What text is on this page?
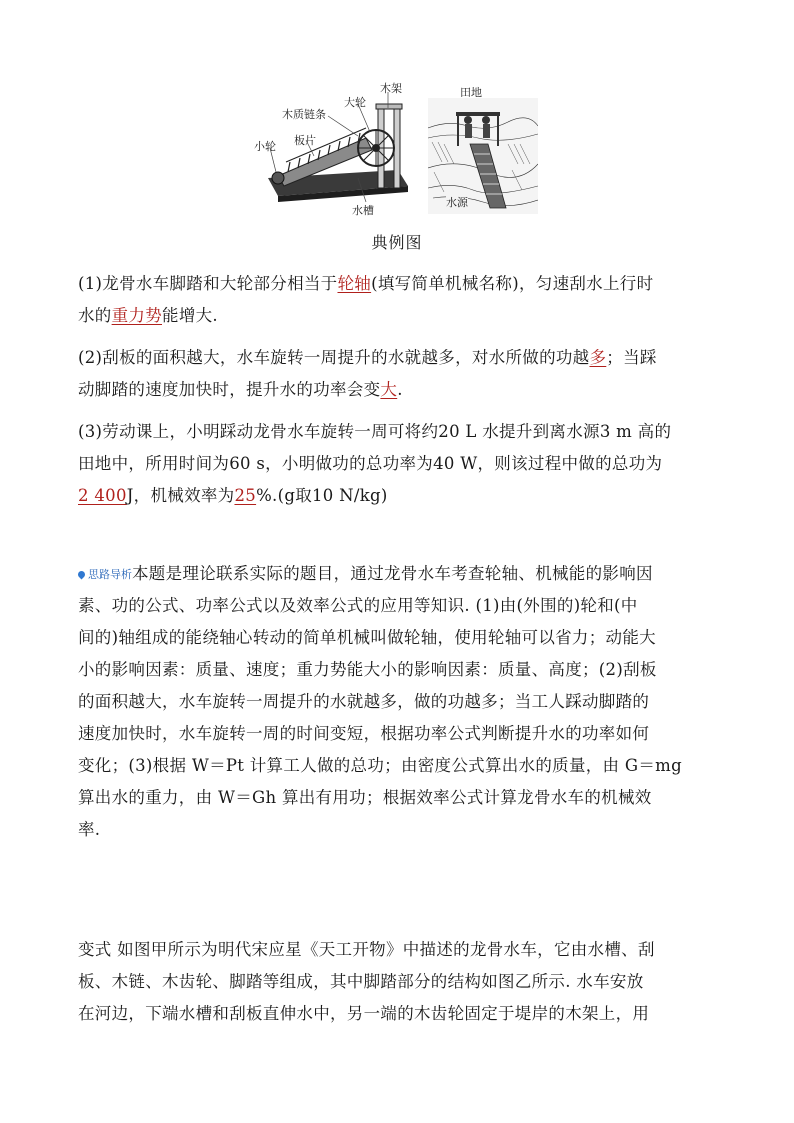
木架
大轮
木质链条
板片
小轮
水槽
田地
水源
典例图
(1)龙骨水车脚踏和大轮部分相当于轮轴(填写简单机械名称)，匀速刮水上行时
水的重力势能增大.
(2)刮板的面积越大，水车旋转一周提升的水就越多，对水所做的功越多；当踩
动脚踏的速度加快时，提升水的功率会变大.
(3)劳动课上，小明踩动龙骨水车旋转一周可将约20 L 水提升到离水源3 m 高的
田地中，所用时间为60 s，小明做功的总功率为40 W，则该过程中做的总功为
2 400J，机械效率为25%.(g取10 N/kg)
思路导析本题是理论联系实际的题目，通过龙骨水车考查轮轴、机械能的影响因
素、功的公式、功率公式以及效率公式的应用等知识. (1)由(外围的)轮和(中
间的)轴组成的能绕轴心转动的简单机械叫做轮轴，使用轮轴可以省力；动能大
小的影响因素：质量、速度；重力势能大小的影响因素：质量、高度；(2)刮板
的面积越大，水车旋转一周提升的水就越多，做的功越多；当工人踩动脚踏的
速度加快时，水车旋转一周的时间变短，根据功率公式判断提升水的功率如何
变化；(3)根据 W＝Pt 计算工人做的总功；由密度公式算出水的质量，由 G＝mg
算出水的重力，由 W＝Gh 算出有用功；根据效率公式计算龙骨水车的机械效
率.
变式 如图甲所示为明代宋应星《天工开物》中描述的龙骨水车，它由水槽、刮
板、木链、木齿轮、脚踏等组成，其中脚踏部分的结构如图乙所示. 水车安放
在河边，下端水槽和刮板直伸水中，另一端的木齿轮固定于堤岸的木架上，用
